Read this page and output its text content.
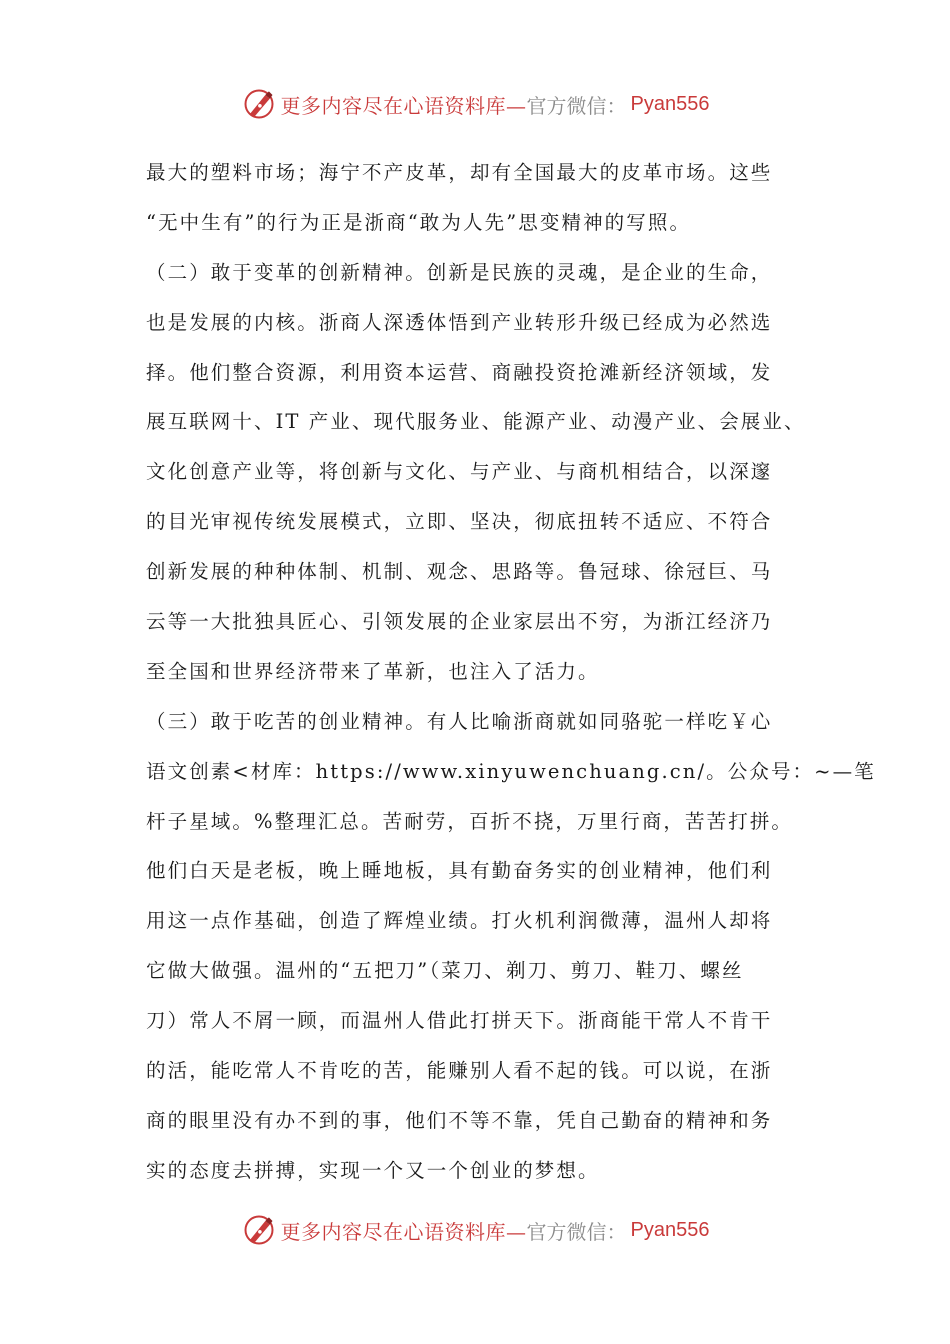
更多内容尽在心语资料库— 官方微信： Pyan556
最大的塑料市场；海宁不产皮革，却有全国最大的皮革市场。这些
“无中生有”的行为正是浙商“敢为人先”思变精神的写照。
（二）敢于变革的创新精神。创新是民族的灵魂，是企业的生命，
也是发展的内核。浙商人深透体悟到产业转形升级已经成为必然选
择。他们整合资源，利用资本运营、商融投资抢滩新经济领域，发
展互联网十、IT 产业、现代服务业、能源产业、动漫产业、会展业、
文化创意产业等，将创新与文化、与产业、与商机相结合，以深邃
的目光审视传统发展模式，立即、坚决，彻底扭转不适应、不符合
创新发展的种种体制、机制、观念、思路等。鲁冠球、徐冠巨、马
云等一大批独具匠心、引领发展的企业家层出不穷，为浙江经济乃
至全国和世界经济带来了革新，也注入了活力。
（三）敢于吃苦的创业精神。有人比喻浙商就如同骆驼一样吃￥心
语文创素<材库：https://www.xinyuwenchuang.cn/。公众号：~—笔
杆子星域。%整理汇总。苦耐劳，百折不挠，万里行商，苦苦打拼。
他们白天是老板，晚上睡地板，具有勤奋务实的创业精神，他们利
用这一点作基础，创造了辉煌业绩。打火机利润微薄，温州人却将
它做大做强。温州的“五把刀”（菜刀、剃刀、剪刀、鞋刀、螺丝
刀）常人不屑一顾，而温州人借此打拼天下。浙商能干常人不肯干
的活，能吃常人不肯吃的苦，能赚别人看不起的钱。可以说，在浙
商的眼里没有办不到的事，他们不等不靠，凭自己勤奋的精神和务
实的态度去拼搏，实现一个又一个创业的梦想。
更多内容尽在心语资料库— 官方微信： Pyan556
